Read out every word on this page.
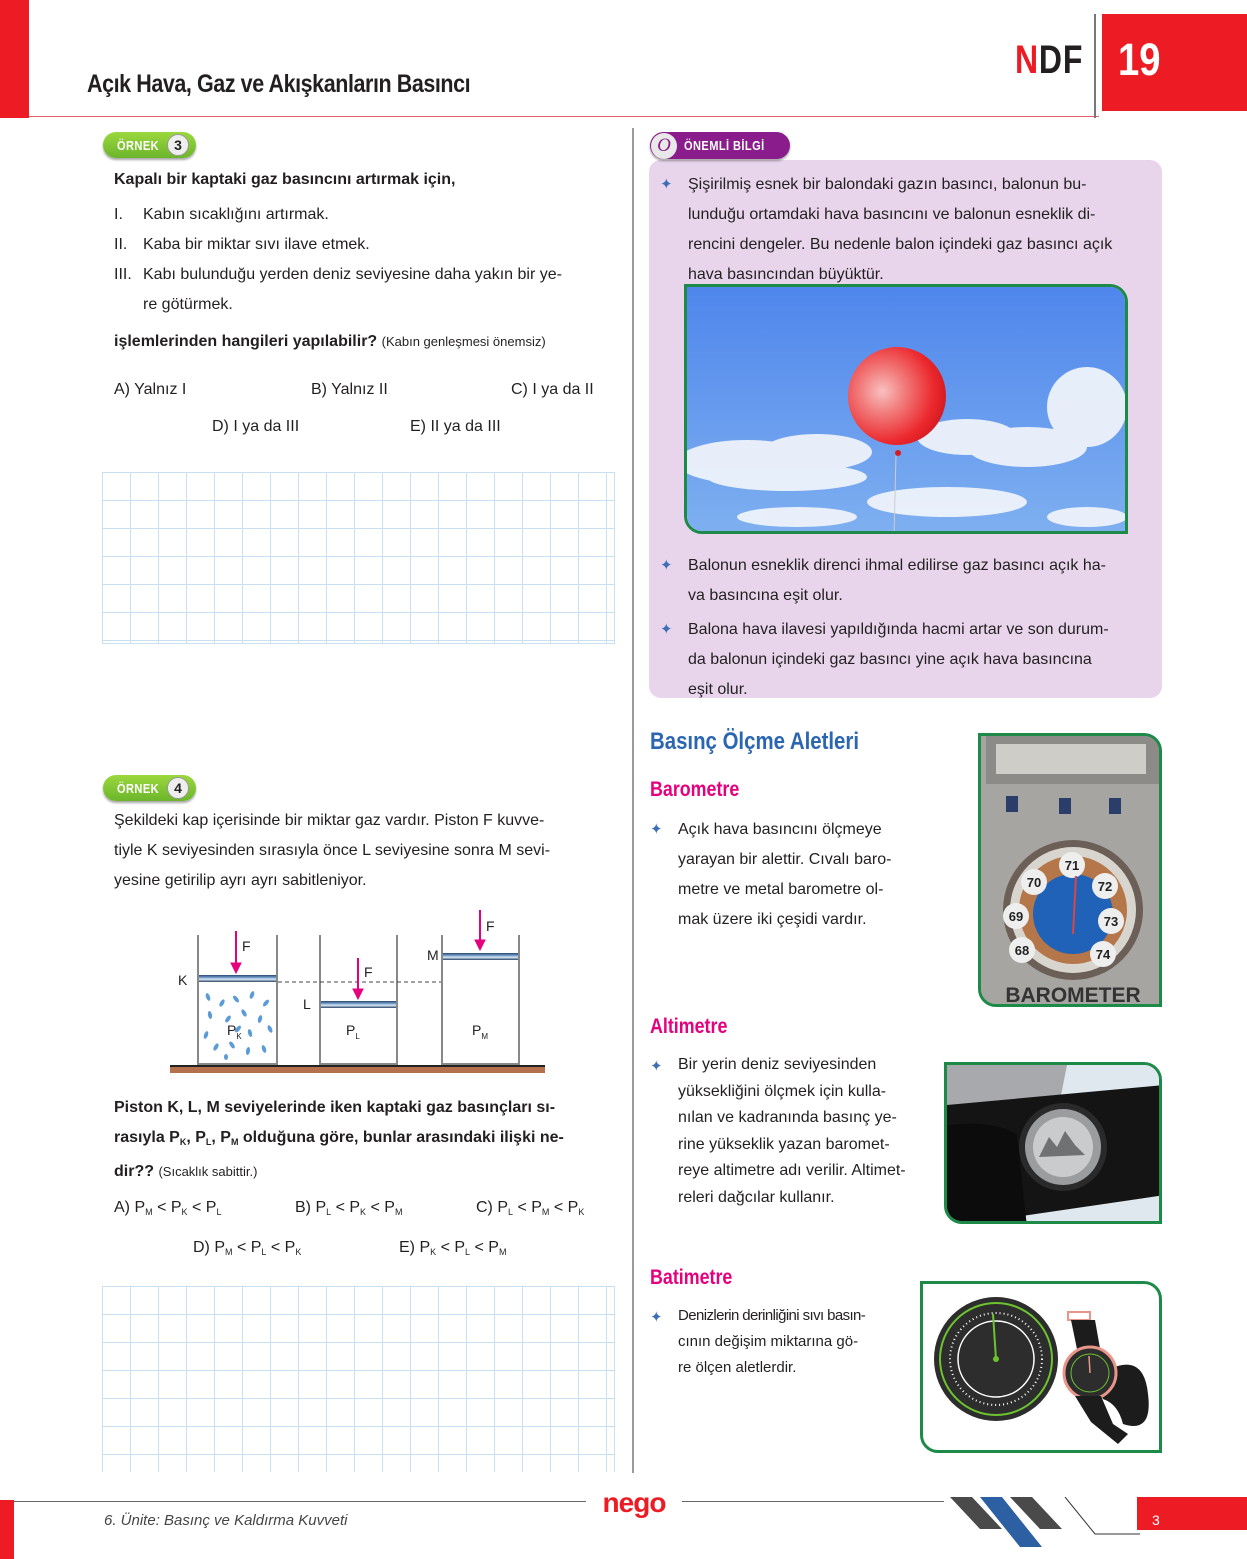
Açık Hava, Gaz ve Akışkanların Basıncı
NDF 19
ÖRNEK	3
Kapalı bir kaptaki gaz basıncını artırmak için,
I.	Kabın sıcaklığını artırmak.
II. Kaba bir miktar sıvı ilave etmek.
III. Kabı bulunduğu yerden deniz seviyesine daha yakın bir ye-
re götürmek.
işlemlerinden hangileri yapılabilir? (Kabın genleşmesi önemsiz)
A) Yalnız I	B) Yalnız II	C) I ya da II
D) I ya da III	E) II ya da III
ÖRNEK	4
Şekildeki kap içerisinde bir miktar gaz vardır. Piston F kuvve-
tiyle K seviyesinden sırasıyla önce L seviyesine sonra M sevi-
yesine getirilip ayrı ayrı sabitleniyor.
K
L
M
F
F
F
$P_K$	$P_L$	$P_M$
Piston K, L, M seviyelerinde iken kaptaki gaz basınçları sı-
rasıyla $P_K$, $P_L$, $P_M$ olduğuna göre, bunlar arasındaki ilişki ne-
dir?? (Sıcaklık sabittir.)
A) $P_M < P_K < P_L$	B) $P_L < P_K < P_M$	C) $P_L < P_M < P_K$
D) $P_M < P_L < P_K$	E) $P_K < P_L < P_M$
O	ÖNEMLİ BİLGİ
✦ Şişirilmiş esnek bir balondaki gazın basıncı, balonun bu-
lunduğu ortamdaki hava basıncını ve balonun esneklik di-
rencini dengeler. Bu nedenle balon içindeki gaz basıncı açık
hava basıncından büyüktür.
✦ Balonun esneklik direnci ihmal edilirse gaz basıncı açık ha-
va basıncına eşit olur.
✦ Balona hava ilavesi yapıldığında hacmi artar ve son durum-
da balonun içindeki gaz basıncı yine açık hava basıncına
eşit olur.
Basınç Ölçme Aletleri
Barometre
✦ Açık hava basıncını ölçmeye
yarayan bir alettir. Cıvalı baro-
metre ve metal barometre ol-
mak üzere iki çeşidi vardır.
68
69
70
71
72
73
74
BAROMETER
Altimetre
✦ Bir yerin deniz seviyesinden
yüksekliğini ölçmek için kulla-
nılan ve kadranında basınç ye-
rine yükseklik yazan baromet-
reye altimetre adı verilir. Altimet-
releri dağcılar kullanır.
Batimetre
✦	Denizlerin derinliğini sıvı basın-
cının değişim miktarına gö-
re ölçen aletlerdir.
6. Ünite: Basınç ve Kaldırma Kuvveti
nego
3
